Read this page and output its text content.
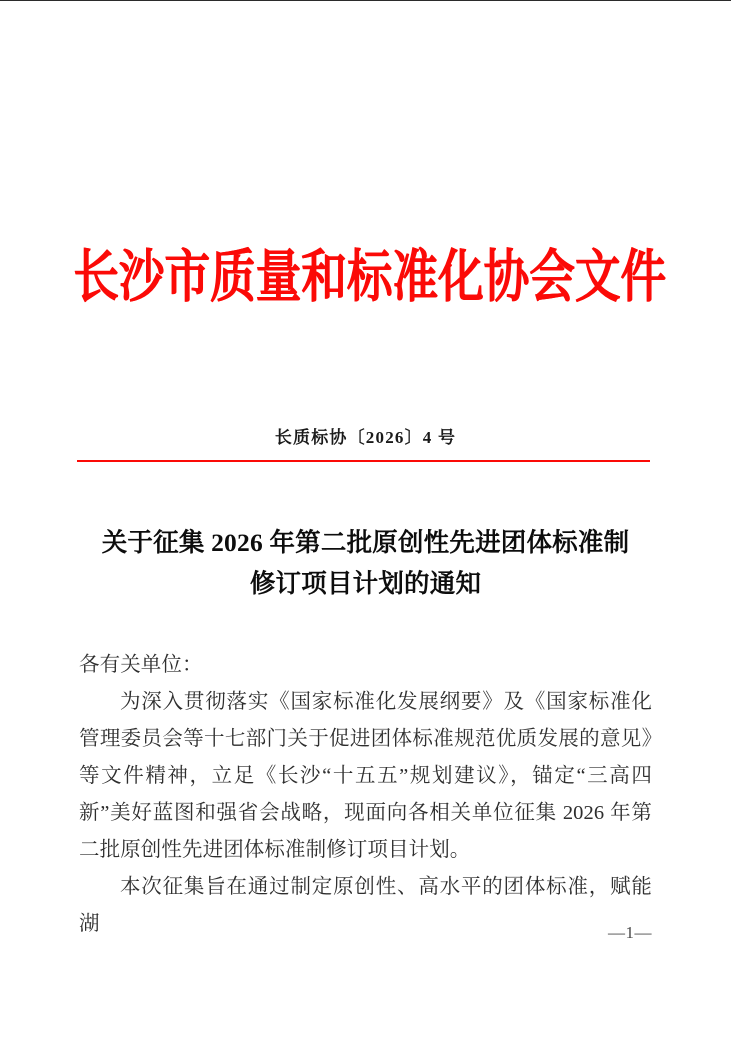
长沙市质量和标准化协会文件
长质标协〔2026〕4 号
关于征集 2026 年第二批原创性先进团体标准制
修订项目计划的通知

各有关单位：

为深入贯彻落实《国家标准化发展纲要》及《国家标准化管理委员会等十七部门关于促进团体标准规范优质发展的意见》等文件精神，立足《长沙“十五五”规划建议》，锚定“三高四新”美好蓝图和强省会战略，现面向各相关单位征集 2026 年第二批原创性先进团体标准制修订项目计划。

本次征集旨在通过制定原创性、高水平的团体标准，赋能湖	—1—
